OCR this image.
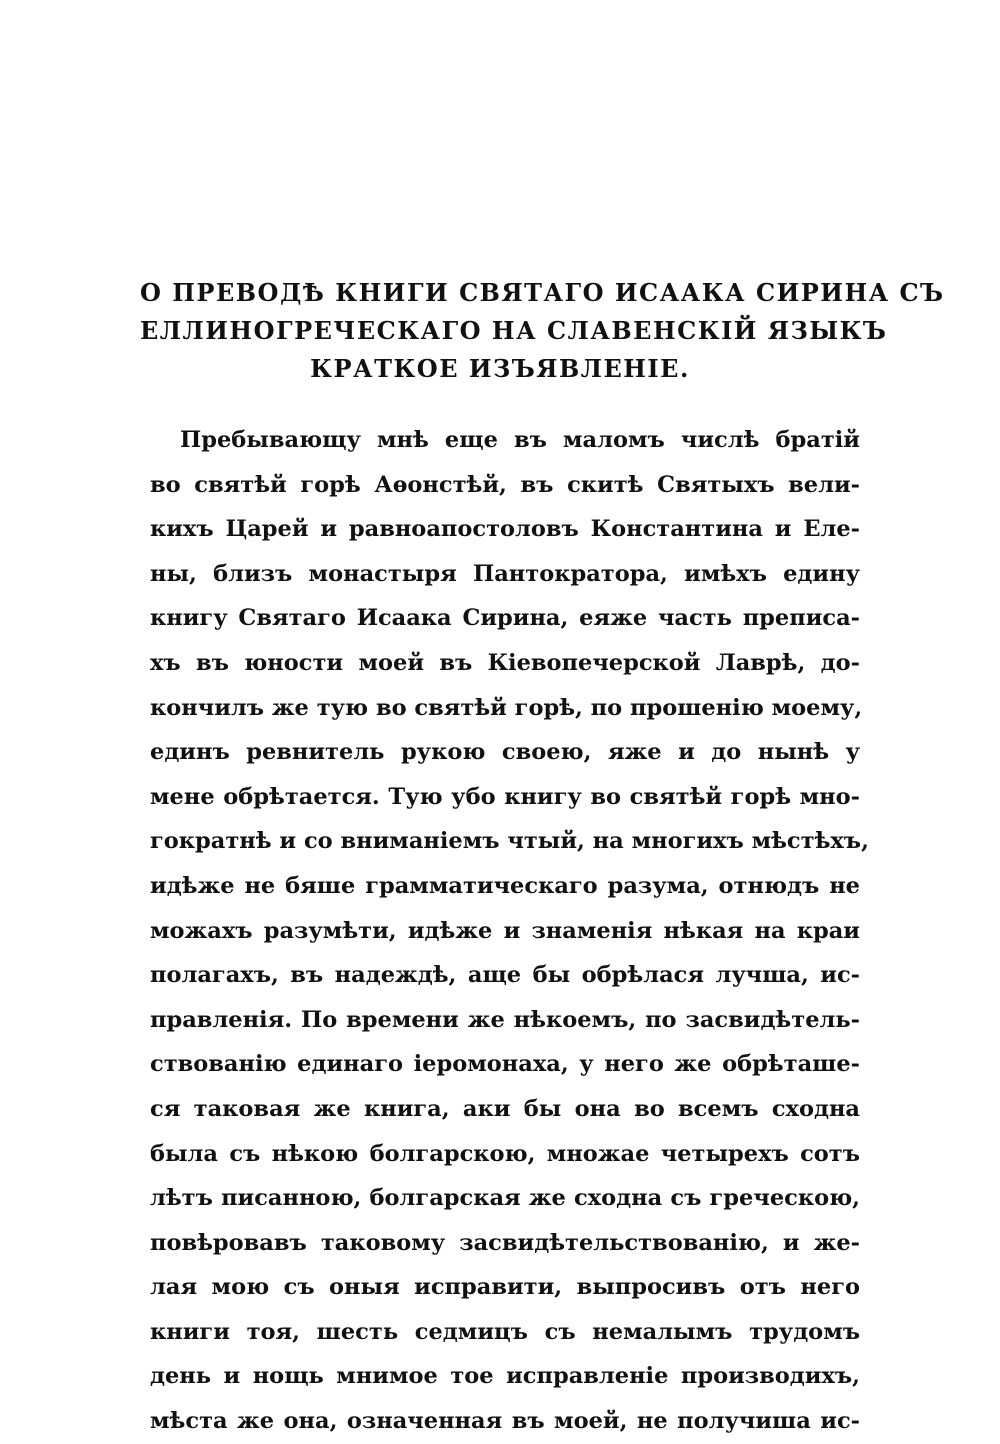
О ПРЕВОДѢ КНИГИ СВЯТАГО ИСААКА СИРИНА СЪ
ЕЛЛИНОГРЕЧЕСКАГО НА СЛАВЕНСКІЙ ЯЗЫКЪ
КРАТКОЕ ИЗЪЯВЛЕНІЕ.
Пребывающу мнѣ еще въ маломъ числѣ братій
во святѣй горѣ Аѳонстѣй, въ скитѣ Святыхъ вели-
кихъ Царей и равноапостоловъ Константина и Еле-
ны, близъ монастыря Пантократора, имѣхъ едину
книгу Святаго Исаака Сирина, еяже часть преписа-
хъ въ юности моей въ Кіевопечерской Лаврѣ, до-
кончилъ же тую во святѣй горѣ, по прошенію моему,
единъ ревнитель рукою своею, яже и до нынѣ у
мене обрѣтается. Тую убо книгу во святѣй горѣ мно-
гократнѣ и со вниманіемъ чтый, на многихъ мѣстѣхъ,
идѣже не бяше грамматическаго разума, отнюдъ не
можахъ разумѣти, идѣже и знаменія нѣкая на краи
полагахъ, въ надеждѣ, аще бы обрѣлася лучша, ис-
правленія. По времени же нѣкоемъ, по засвидѣтель-
ствованію единаго іеромонаха, у него же обрѣташе-
ся таковая же книга, аки бы она во всемъ сходна
была съ нѣкою болгарскою, множае четырехъ сотъ
лѣтъ писанною, болгарская же сходна съ греческою,
повѣровавъ таковому засвидѣтельствованію, и же-
лая мою съ оныя исправити, выпросивъ отъ него
книги тоя, шесть седмицъ съ немалымъ трудомъ
день и нощь мнимое тое исправленіе производихъ,
мѣста же она, означенная въ моей, не получиша ис-
